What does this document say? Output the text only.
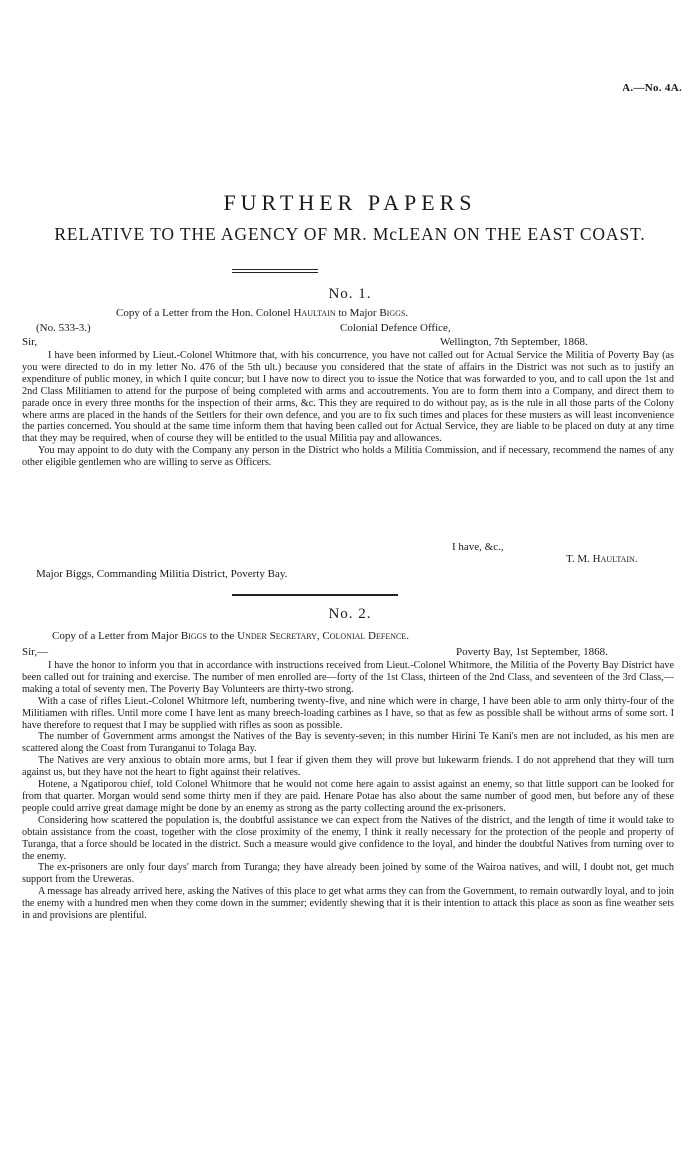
A.—No. 4A.
FURTHER PAPERS
RELATIVE TO THE AGENCY OF MR. McLEAN ON THE EAST COAST.
No. 1.
Copy of a Letter from the Hon. Colonel Haultain to Major Biggs.
(No. 533-3.)	Colonial Defence Office,
Sir,	Wellington, 7th September, 1868.

I have been informed by Lieut.-Colonel Whitmore that, with his concurrence, you have not called out for Actual Service the Militia of Poverty Bay (as you were directed to do in my letter No. 476 of the 5th ult.) because you considered that the state of affairs in the District was not such as to justify an expenditure of public money, in which I quite concur; but I have now to direct you to issue the Notice that was forwarded to you, and to call upon the 1st and 2nd Class Militiamen to attend for the purpose of being completed with arms and accoutrements. You are to form them into a Company, and direct them to parade once in every three months for the inspection of their arms, &c. This they are required to do without pay, as is the rule in all those parts of the Colony where arms are placed in the hands of the Settlers for their own defence, and you are to fix such times and places for these musters as will least inconvenience the parties concerned. You should at the same time inform them that having been called out for Actual Service, they are liable to be placed on duty at any time that they may be required, when of course they will be entitled to the usual Militia pay and allowances.

You may appoint to do duty with the Company any person in the District who holds a Militia Commission, and if necessary, recommend the names of any other eligible gentlemen who are willing to serve as Officers.

I have, &c.,
T. M. Haultain.
Major Biggs, Commanding Militia District, Poverty Bay.
No. 2.
Copy of a Letter from Major Biggs to the Under Secretary, Colonial Defence.
Sir,—	Poverty Bay, 1st September, 1868.

I have the honor to inform you that in accordance with instructions received from Lieut.-Colonel Whitmore, the Militia of the Poverty Bay District have been called out for training and exercise. The number of men enrolled are—forty of the 1st Class, thirteen of the 2nd Class, and seventeen of the 3rd Class,—making a total of seventy men. The Poverty Bay Volunteers are thirty-two strong.

With a case of rifles Lieut.-Colonel Whitmore left, numbering twenty-five, and nine which were in charge, I have been able to arm only thirty-four of the Militiamen with rifles. Until more come I have lent as many breech-loading carbines as I have, so that as few as possible shall be without arms of some sort. I have therefore to request that I may be supplied with rifles as soon as possible.

The number of Government arms amongst the Natives of the Bay is seventy-seven; in this number Hirini Te Kani's men are not included, as his men are scattered along the Coast from Turanganui to Tolaga Bay.

The Natives are very anxious to obtain more arms, but I fear if given them they will prove but lukewarm friends. I do not apprehend that they will turn against us, but they have not the heart to fight against their relatives.

Hotene, a Ngatiporou chief, told Colonel Whitmore that he would not come here again to assist against an enemy, so that little support can be looked for from that quarter. Morgan would send some thirty men if they are paid. Henare Potae has also about the same number of good men, but before any of these people could arrive great damage might be done by an enemy as strong as the party collecting around the ex-prisoners.

Considering how scattered the population is, the doubtful assistance we can expect from the Natives of the district, and the length of time it would take to obtain assistance from the coast, together with the close proximity of the enemy, I think it really necessary for the protection of the people and property of Turanga, that a force should be located in the district. Such a measure would give confidence to the loyal, and hinder the doubtful Natives from turning over to the enemy.

The ex-prisoners are only four days' march from Turanga; they have already been joined by some of the Wairoa natives, and will, I doubt not, get much support from the Ureweras.

A message has already arrived here, asking the Natives of this place to get what arms they can from the Government, to remain outwardly loyal, and to join the enemy with a hundred men when they come down in the summer; evidently shewing that it is their intention to attack this place as soon as fine weather sets in and provisions are plentiful.
